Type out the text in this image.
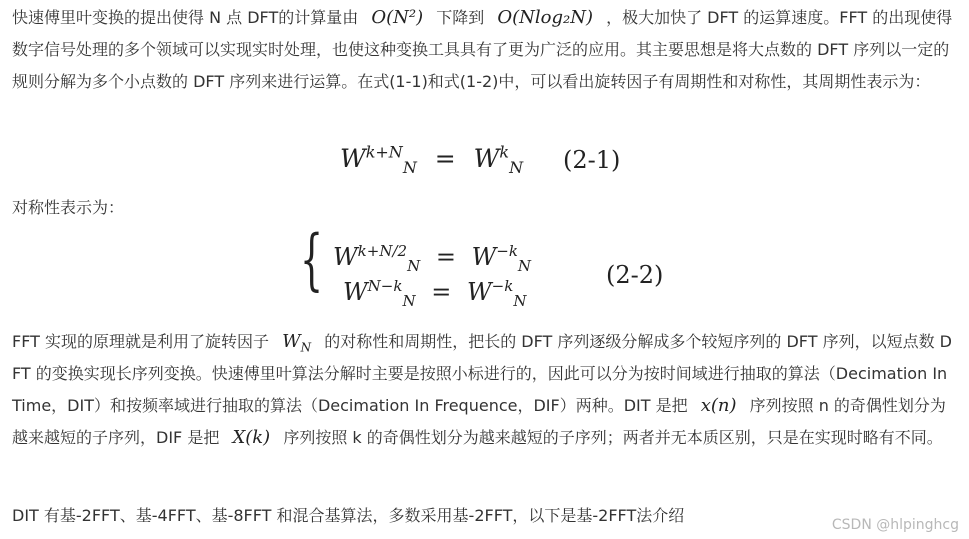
快速傅里叶变换的提出使得 N 点 DFT的计算量由 O(N²) 下降到 O(Nlog₂N) ，极大加快了 DFT 的运算速度。FFT 的出现使得数字信号处理的多个领域可以实现实时处理，也使这种变换工具具有了更为广泛的应用。其主要思想是将大点数的 DFT 序列以一定的规则分解为多个小点数的 DFT 序列来进行运算。在式(1-1)和式(1-2)中，可以看出旋转因子有周期性和对称性，其周期性表示为：

$W^{k+N}_N = W^k_N$ (2-1)

对称性表示为：

{ $W^{k+N/2}_N = W^{-k}_N$
$W^{N-k}_N = W^{-k}_N$
(2-2)

FFT 实现的原理就是利用了旋转因子 $W_N$ 的对称性和周期性，把长的 DFT 序列逐级分解成多个较短序列的 DFT 序列，以短点数 DFT 的变换实现长序列变换。快速傅里叶算法分解时主要是按照小标进行的，因此可以分为按时间域进行抽取的算法（Decimation In Time，DIT）和按频率域进行抽取的算法（Decimation In Frequence，DIF）两种。DIT 是把 x(n) 序列按照 n 的奇偶性划分为越来越短的子序列，DIF 是把 X(k) 序列按照 k 的奇偶性划分为越来越短的子序列；两者并无本质区别，只是在实现时略有不同。

DIT 有基-2FFT、基-4FFT、基-8FFT 和混合基算法，多数采用基-2FFT，以下是基-2FFT法介绍	CSDN @hlpinghcg
